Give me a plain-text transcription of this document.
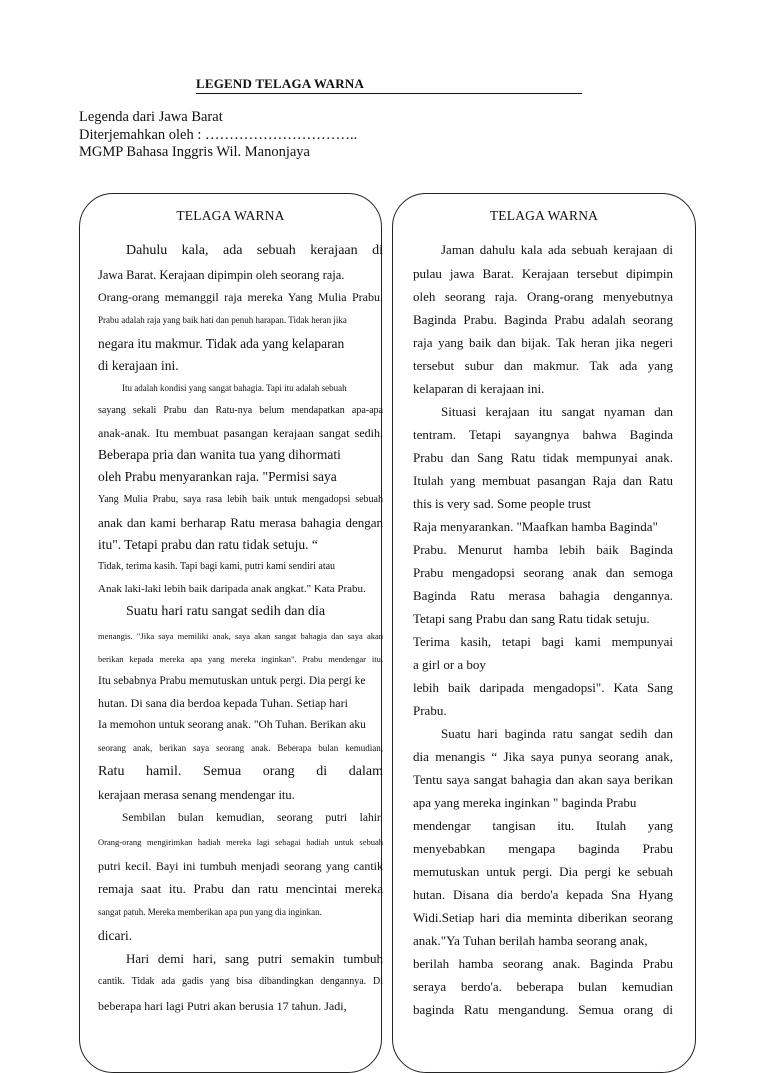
LEGEND TELAGA WARNA
Legenda dari Jawa Barat
Diterjemahkan oleh : …………………………..
MGMP Bahasa Inggris Wil. Manonjaya
TELAGA WARNA
Dahulu kala, ada sebuah kerajaan di
Jawa Barat. Kerajaan dipimpin oleh seorang raja.
Orang-orang memanggil raja mereka Yang Mulia Prabu.
Prabu adalah raja yang baik hati dan penuh harapan. Tidak heran jika
negara itu makmur. Tidak ada yang kelaparan
di kerajaan ini.
Itu adalah kondisi yang sangat bahagia. Tapi itu adalah sebuah
sayang sekali Prabu dan Ratu-nya belum mendapatkan apa-apa
anak-anak. Itu membuat pasangan kerajaan sangat sedih.
Beberapa pria dan wanita tua yang dihormati
oleh Prabu menyarankan raja. "Permisi saya
Yang Mulia Prabu, saya rasa lebih baik untuk mengadopsi sebuah
anak dan kami berharap Ratu merasa bahagia dengan
itu". Tetapi prabu dan ratu tidak setuju. “
Tidak, terima kasih. Tapi bagi kami, putri kami sendiri atau
Anak laki-laki lebih baik daripada anak angkat." Kata Prabu.
Suatu hari ratu sangat sedih dan dia
menangis. "Jika saya memiliki anak, saya akan sangat bahagia dan saya akan
berikan kepada mereka apa yang mereka inginkan". Prabu mendengar itu.
Itu sebabnya Prabu memutuskan untuk pergi. Dia pergi ke
hutan. Di sana dia berdoa kepada Tuhan. Setiap hari
Ia memohon untuk seorang anak. "Oh Tuhan. Berikan aku
seorang anak, berikan saya seorang anak. Beberapa bulan kemudian,
Ratu hamil. Semua orang di dalam
kerajaan merasa senang mendengar itu.
Sembilan bulan kemudian, seorang putri lahir.
Orang-orang mengirimkan hadiah mereka lagi sebagai hadiah untuk sebuah
putri kecil. Bayi ini tumbuh menjadi seorang yang cantik
remaja saat itu. Prabu dan ratu mencintai mereka
sangat patuh. Mereka memberikan apa pun yang dia inginkan.
dicari.
Hari demi hari, sang putri semakin tumbuh
cantik. Tidak ada gadis yang bisa dibandingkan dengannya. Di
beberapa hari lagi Putri akan berusia 17 tahun. Jadi,
TELAGA WARNA
Jaman dahulu kala ada sebuah kerajaan di
pulau jawa Barat. Kerajaan tersebut dipimpin
oleh seorang raja. Orang-orang menyebutnya
Baginda Prabu. Baginda Prabu adalah seorang
raja yang baik dan bijak. Tak heran jika negeri
tersebut subur dan makmur. Tak ada yang
kelaparan di kerajaan ini.
Situasi kerajaan itu sangat nyaman dan
tentram. Tetapi sayangnya bahwa Baginda
Prabu dan Sang Ratu tidak mempunyai anak.
Itulah yang membuat pasangan Raja dan Ratu
this is very sad. Some people trust
Raja menyarankan. "Maafkan hamba Baginda"
Prabu. Menurut hamba lebih baik Baginda
Prabu mengadopsi seorang anak dan semoga
Baginda Ratu merasa bahagia dengannya.
Tetapi sang Prabu dan sang Ratu tidak setuju.
Terima kasih, tetapi bagi kami mempunyai
a girl or a boy
lebih baik daripada mengadopsi". Kata Sang
Prabu.
Suatu hari baginda ratu sangat sedih dan
dia menangis “ Jika saya punya seorang anak,
Tentu saya sangat bahagia dan akan saya berikan
apa yang mereka inginkan " baginda Prabu
mendengar tangisan itu. Itulah yang
menyebabkan mengapa baginda Prabu
memutuskan untuk pergi. Dia pergi ke sebuah
hutan. Disana dia berdo'a kepada Sna Hyang
Widi.Setiap hari dia meminta diberikan seorang
anak."Ya Tuhan berilah hamba seorang anak,
berilah hamba seorang anak. Baginda Prabu
seraya berdo'a. beberapa bulan kemudian
baginda Ratu mengandung. Semua orang di
